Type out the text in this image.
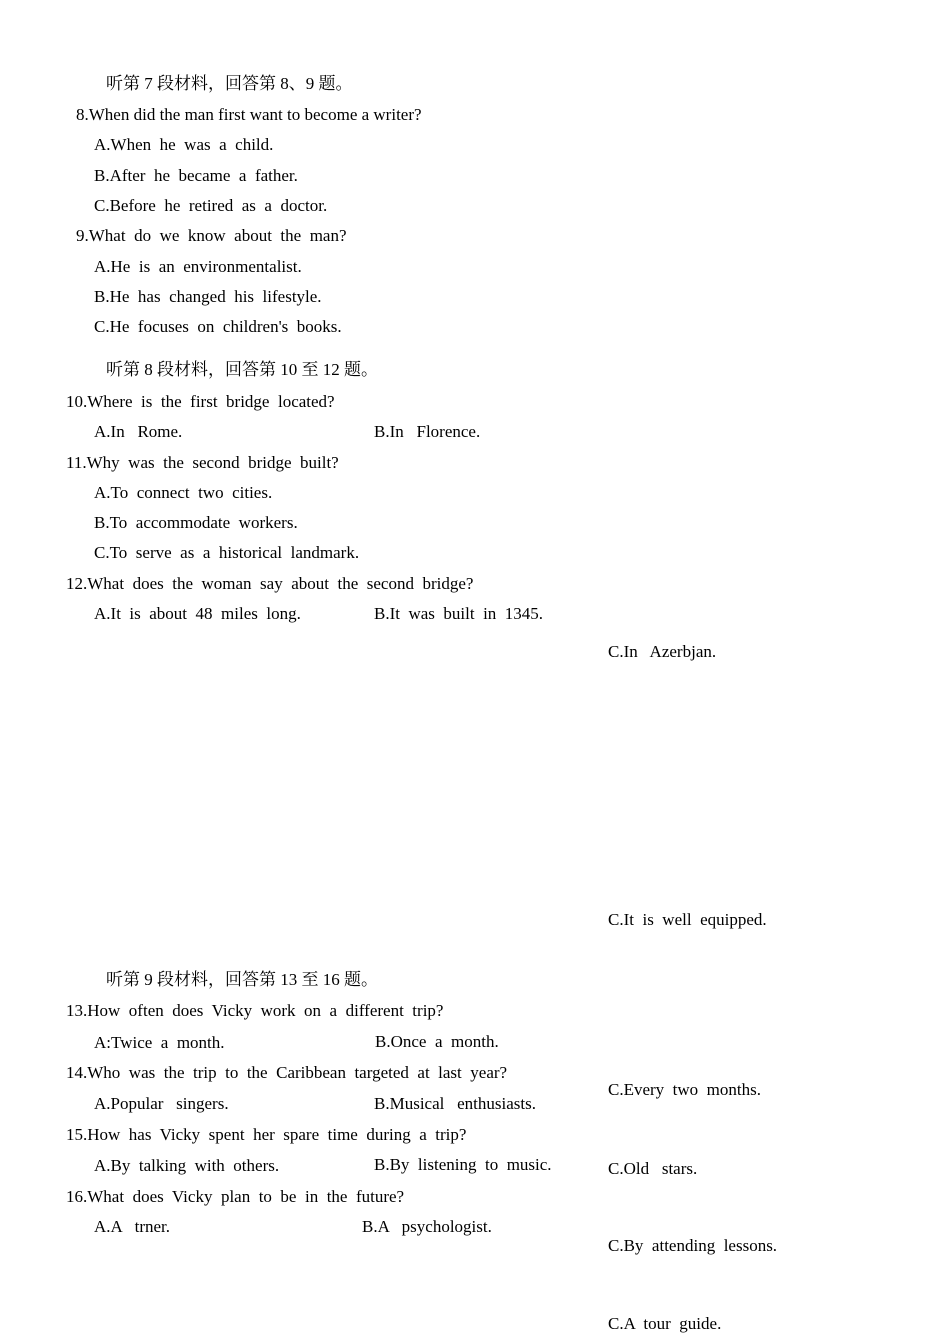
听第 7 段材料，回答第 8、9 题。
8.When did the man first want to become a writer?
A.When  he  was  a  child.
B.After  he  became  a  father.
C.Before  he  retired  as  a  doctor.
9.What  do  we  know  about  the  man?
A.He  is  an  environmentalist.
B.He  has  changed  his  lifestyle.
C.He  focuses  on  children's  books.
听第 8 段材料，回答第 10 至 12 题。
10.Where  is  the  first  bridge  located?
A.In   Rome.	B.In   Florence.
C.In   Azerbjan.
11.Why  was  the  second  bridge  built?
A.To  connect  two  cities.
B.To  accommodate  workers.
C.To  serve  as  a  historical  landmark.
12.What  does  the  woman  say  about  the  second  bridge?
A.It  is  about  48  miles  long.	B.It  was  built  in  1345.
C.It  is  well  equipped.
听第 9 段材料，回答第 13 至 16 题。
13.How  often  does  Vicky  work  on  a  different  trip?
A:Twice  a  month.	B.Once  a  month.
C.Every  two  months.
14.Who  was  the  trip  to  the  Caribbean  targeted  at  last  year?
A.Popular   singers.	B.Musical   enthusiasts.
C.Old   stars.
15.How  has  Vicky  spent  her  spare  time  during  a  trip?
A.By  talking  with  others.	B.By  listening  to  music.
C.By  attending  lessons.
16.What  does  Vicky  plan  to  be  in  the  future?
A.A   trner.	B.A   psychologist.
C.A  tour  guide.
